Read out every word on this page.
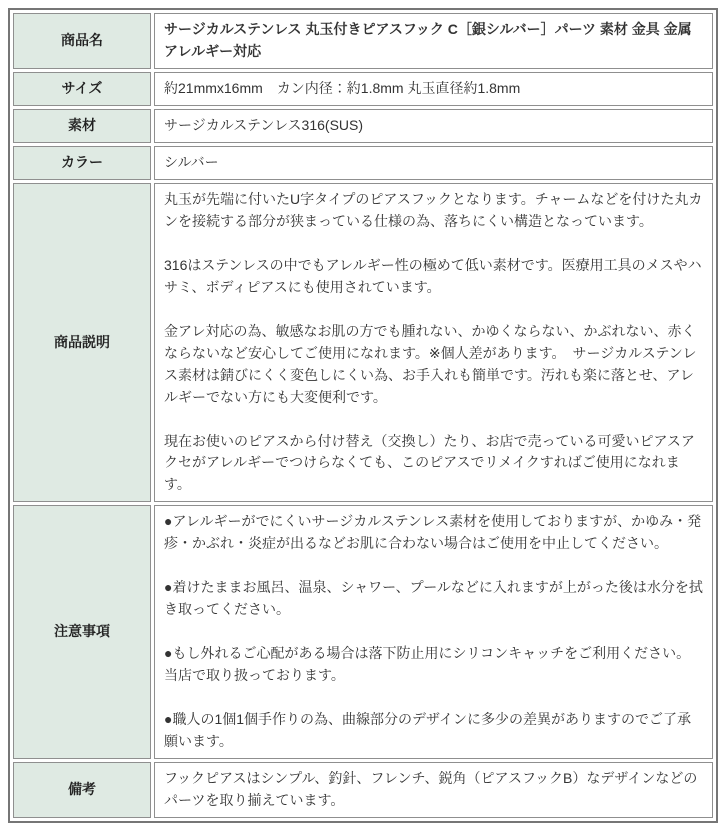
商品名	サージカルステンレス 丸玉付きピアスフック C［銀シルバー］パーツ 素材 金具 金属アレルギー対応

サイズ	約21mmx16mm　カン内径：約1.8mm 丸玉直径約1.8mm

素材	サージカルステンレス316(SUS)

カラー	シルバー

商品説明	丸玉が先端に付いたU字タイプのピアスフックとなります。チャームなどを付けた丸カンを接続する部分が狭まっている仕様の為、落ちにくい構造となっています。
316はステンレスの中でもアレルギー性の極めて低い素材です。医療用工具のメスやハサミ、ボディピアスにも使用されています。
金アレ対応の為、敏感なお肌の方でも腫れない、かゆくならない、かぶれない、赤くならないなど安心してご使用になれます。※個人差があります。　サージカルステンレス素材は錆びにくく変色しにくい為、お手入れも簡単です。汚れも楽に落とせ、アレルギーでない方にも大変便利です。
現在お使いのピアスから付け替え（交換し）たり、お店で売っている可愛いピアスアクセがアレルギーでつけらなくても、このピアスでリメイクすればご使用になれます。

注意事項	●アレルギーがでにくいサージカルステンレス素材を使用しておりますが、かゆみ・発疹・かぶれ・炎症が出るなどお肌に合わない場合はご使用を中止してください。
●着けたままお風呂、温泉、シャワー、プールなどに入れますが上がった後は水分を拭き取ってください。
●もし外れるご心配がある場合は落下防止用にシリコンキャッチをご利用ください。当店で取り扱っております。
●職人の1個1個手作りの為、曲線部分のデザインに多少の差異がありますのでご了承願います。

備考	フックピアスはシンプル、釣針、フレンチ、鋭角（ピアスフックB）なデザインなどのパーツを取り揃えています。
